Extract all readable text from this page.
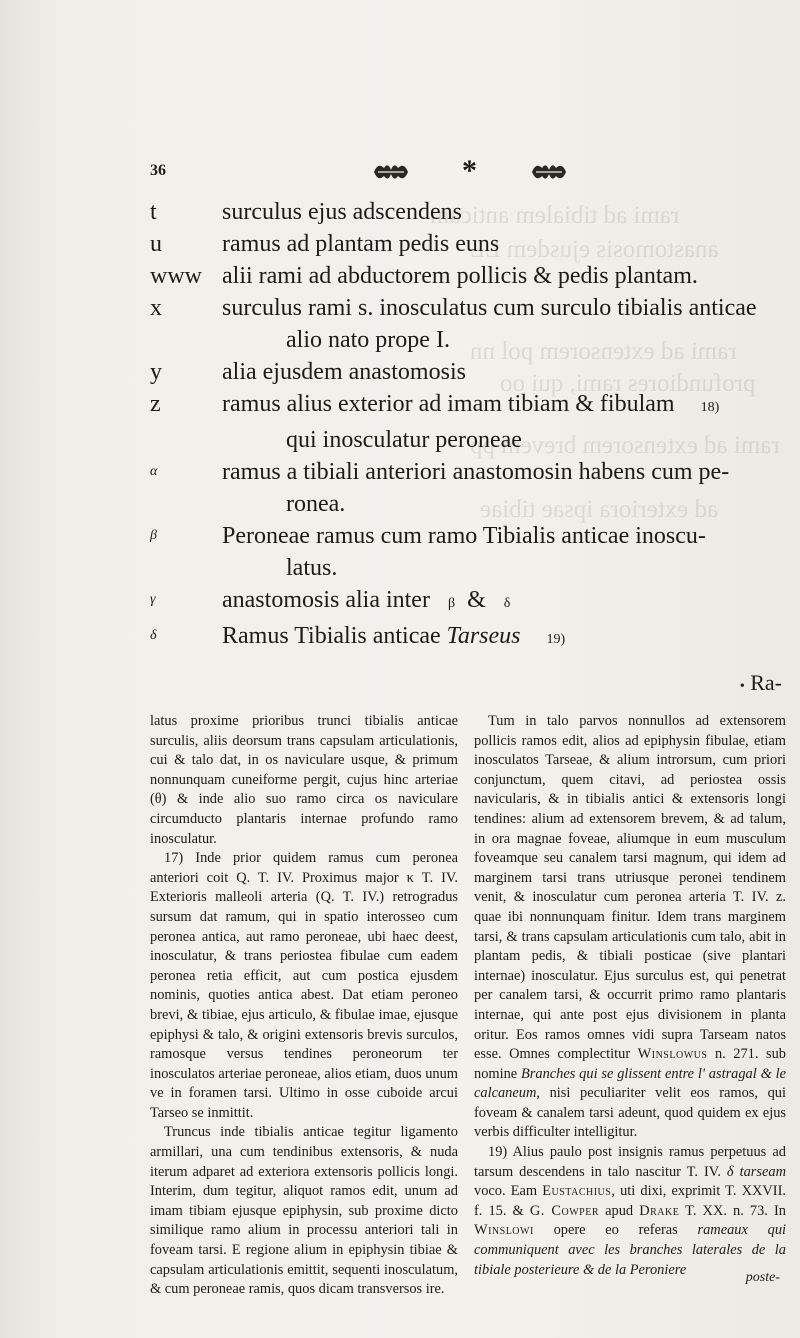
rami ad tibialem anticam
anastomosis ejusdem LL
rami ad extensorem pol nn
profundiores rami, qui oo
rami ad extensorem brevem pp
ad exteriora ipsae tibiae
36	*
t	surculus ejus adscendens
u	ramus ad plantam pedis euns
www alii rami ad abductorem pollicis & pedis plantam.
x	surculus rami s. inosculatus cum surculo tibialis anticae
alio nato prope I.
y	alia ejusdem anastomosis
z	ramus alius exterior ad imam tibiam & fibulam 18)
qui inosculatur peroneae
α	ramus a tibiali anteriori anastomosin habens cum pe-
ronea.
β	Peroneae ramus cum ramo Tibialis anticae inoscu-
latus.
γ	anastomosis alia inter β & δ
δ	Ramus Tibialis anticae Tarseus 19)
• Ra-

latus proxime prioribus trunci tibialis anticae surculis, aliis deorsum trans capsulam articulationis, cui & talo dat, in os naviculare usque, & primum nonnunquam cuneiforme pergit, cujus hinc arteriae (θ) & inde alio suo ramo circa os naviculare circumducto plantaris internae profundo ramo inosculatur.

17) Inde prior quidem ramus cum peronea anteriori coit Q. T. IV. Proximus major κ T. IV. Exterioris malleoli arteria (Q. T. IV.) retrogradus sursum dat ramum, qui in spatio interosseo cum peronea antica, aut ramo peroneae, ubi haec deest, inosculatur, & trans periostea fibulae cum eadem peronea retia efficit, aut cum postica ejusdem nominis, quoties antica abest. Dat etiam peroneo brevi, & tibiae, ejus articulo, & fibulae imae, ejusque epiphysi & talo, & origini extensoris brevis surculos, ramosque versus tendines peroneorum ter inosculatos arteriae peroneae, alios etiam, duos unum ve in foramen tarsi. Ultimo in osse cuboide arcui Tarseo se inmittit.

Truncus inde tibialis anticae tegitur ligamento armillari, una cum tendinibus extensoris, & nuda iterum adparet ad exteriora extensoris pollicis longi. Interim, dum tegitur, aliquot ramos edit, unum ad imam tibiam ejusque epiphysin, sub proxime dicto similique ramo alium in processu anteriori tali in foveam tarsi. E regione alium in epiphysin tibiae & capsulam articulationis emittit, sequenti inosculatum, & cum peroneae ramis, quos dicam transversos ire.

Tum in talo parvos nonnullos ad extensorem pollicis ramos edit, alios ad epiphysin fibulae, etiam inosculatos Tarseae, & alium introrsum, cum priori conjunctum, quem citavi, ad periostea ossis navicularis, & in tibialis antici & extensoris longi tendines: alium ad extensorem brevem, & ad talum, in ora magnae foveae, aliumque in eum musculum foveamque seu canalem tarsi magnum, qui idem ad marginem tarsi trans utriusque peronei tendinem venit, & inosculatur cum peronea arteria T. IV. z. quae ibi nonnunquam finitur. Idem trans marginem tarsi, & trans capsulam articulationis cum talo, abit in plantam pedis, & tibiali posticae (sive plantari internae) inosculatur. Ejus surculus est, qui penetrat per canalem tarsi, & occurrit primo ramo plantaris internae, qui ante post ejus divisionem in planta oritur. Eos ramos omnes vidi supra Tarseam natos esse. Omnes complectitur Winslowus n. 271. sub nomine Branches qui se glissent entre l' astragal & le calcaneum, nisi peculiariter velit eos ramos, qui foveam & canalem tarsi adeunt, quod quidem ex ejus verbis difficulter intelligitur.

19) Alius paulo post insignis ramus perpetuus ad tarsum descendens in talo nascitur T. IV. δ tarseam voco. Eam Eustachius, uti dixi, exprimit T. XXVII. f. 15. & G. Cowper apud Drake T. XX. n. 73. In Winslowi opere eo referas rameaux qui communiquent avec les branches laterales de la tibiale posterieure & de la Peroniere	poste-
